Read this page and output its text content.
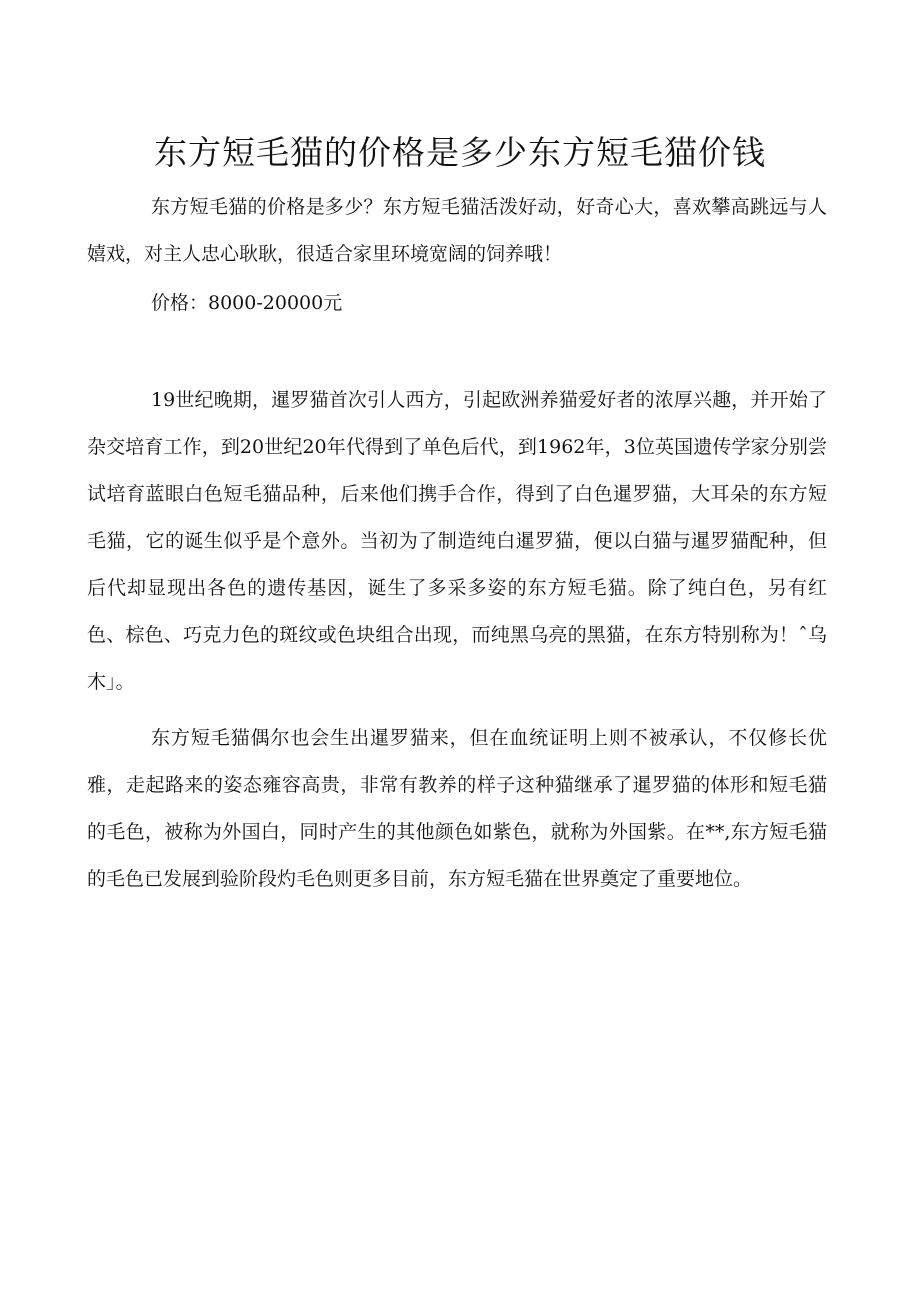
东方短毛猫的价格是多少东方短毛猫价钱

东方短毛猫的价格是多少？东方短毛猫活泼好动，好奇心大，喜欢攀高跳远与人嬉戏，对主人忠心耿耿，很适合家里环境宽阔的饲养哦！

价格：8000-20000元

19世纪晚期，暹罗猫首次引人西方，引起欧洲养猫爱好者的浓厚兴趣，并开始了杂交培育工作，到20世纪20年代得到了单色后代，到1962年，3位英国遗传学家分别尝试培育蓝眼白色短毛猫品种，后来他们携手合作，得到了白色暹罗猫，大耳朵的东方短毛猫，它的诞生似乎是个意外。当初为了制造纯白暹罗猫，便以白猫与暹罗猫配种，但后代却显现出各色的遗传基因，诞生了多采多姿的东方短毛猫。除了纯白色，另有红色、棕色、巧克力色的斑纹或色块组合出现，而纯黑乌亮的黑猫，在东方特别称为！ˆ乌木」。

东方短毛猫偶尔也会生出暹罗猫来，但在血统证明上则不被承认，不仅修长优雅，走起路来的姿态雍容高贵，非常有教养的样子这种猫继承了暹罗猫的体形和短毛猫的毛色，被称为外国白，同时产生的其他颜色如紫色，就称为外国紫。在**,东方短毛猫的毛色已发展到验阶段灼毛色则更多目前，东方短毛猫在世界奠定了重要地位。
